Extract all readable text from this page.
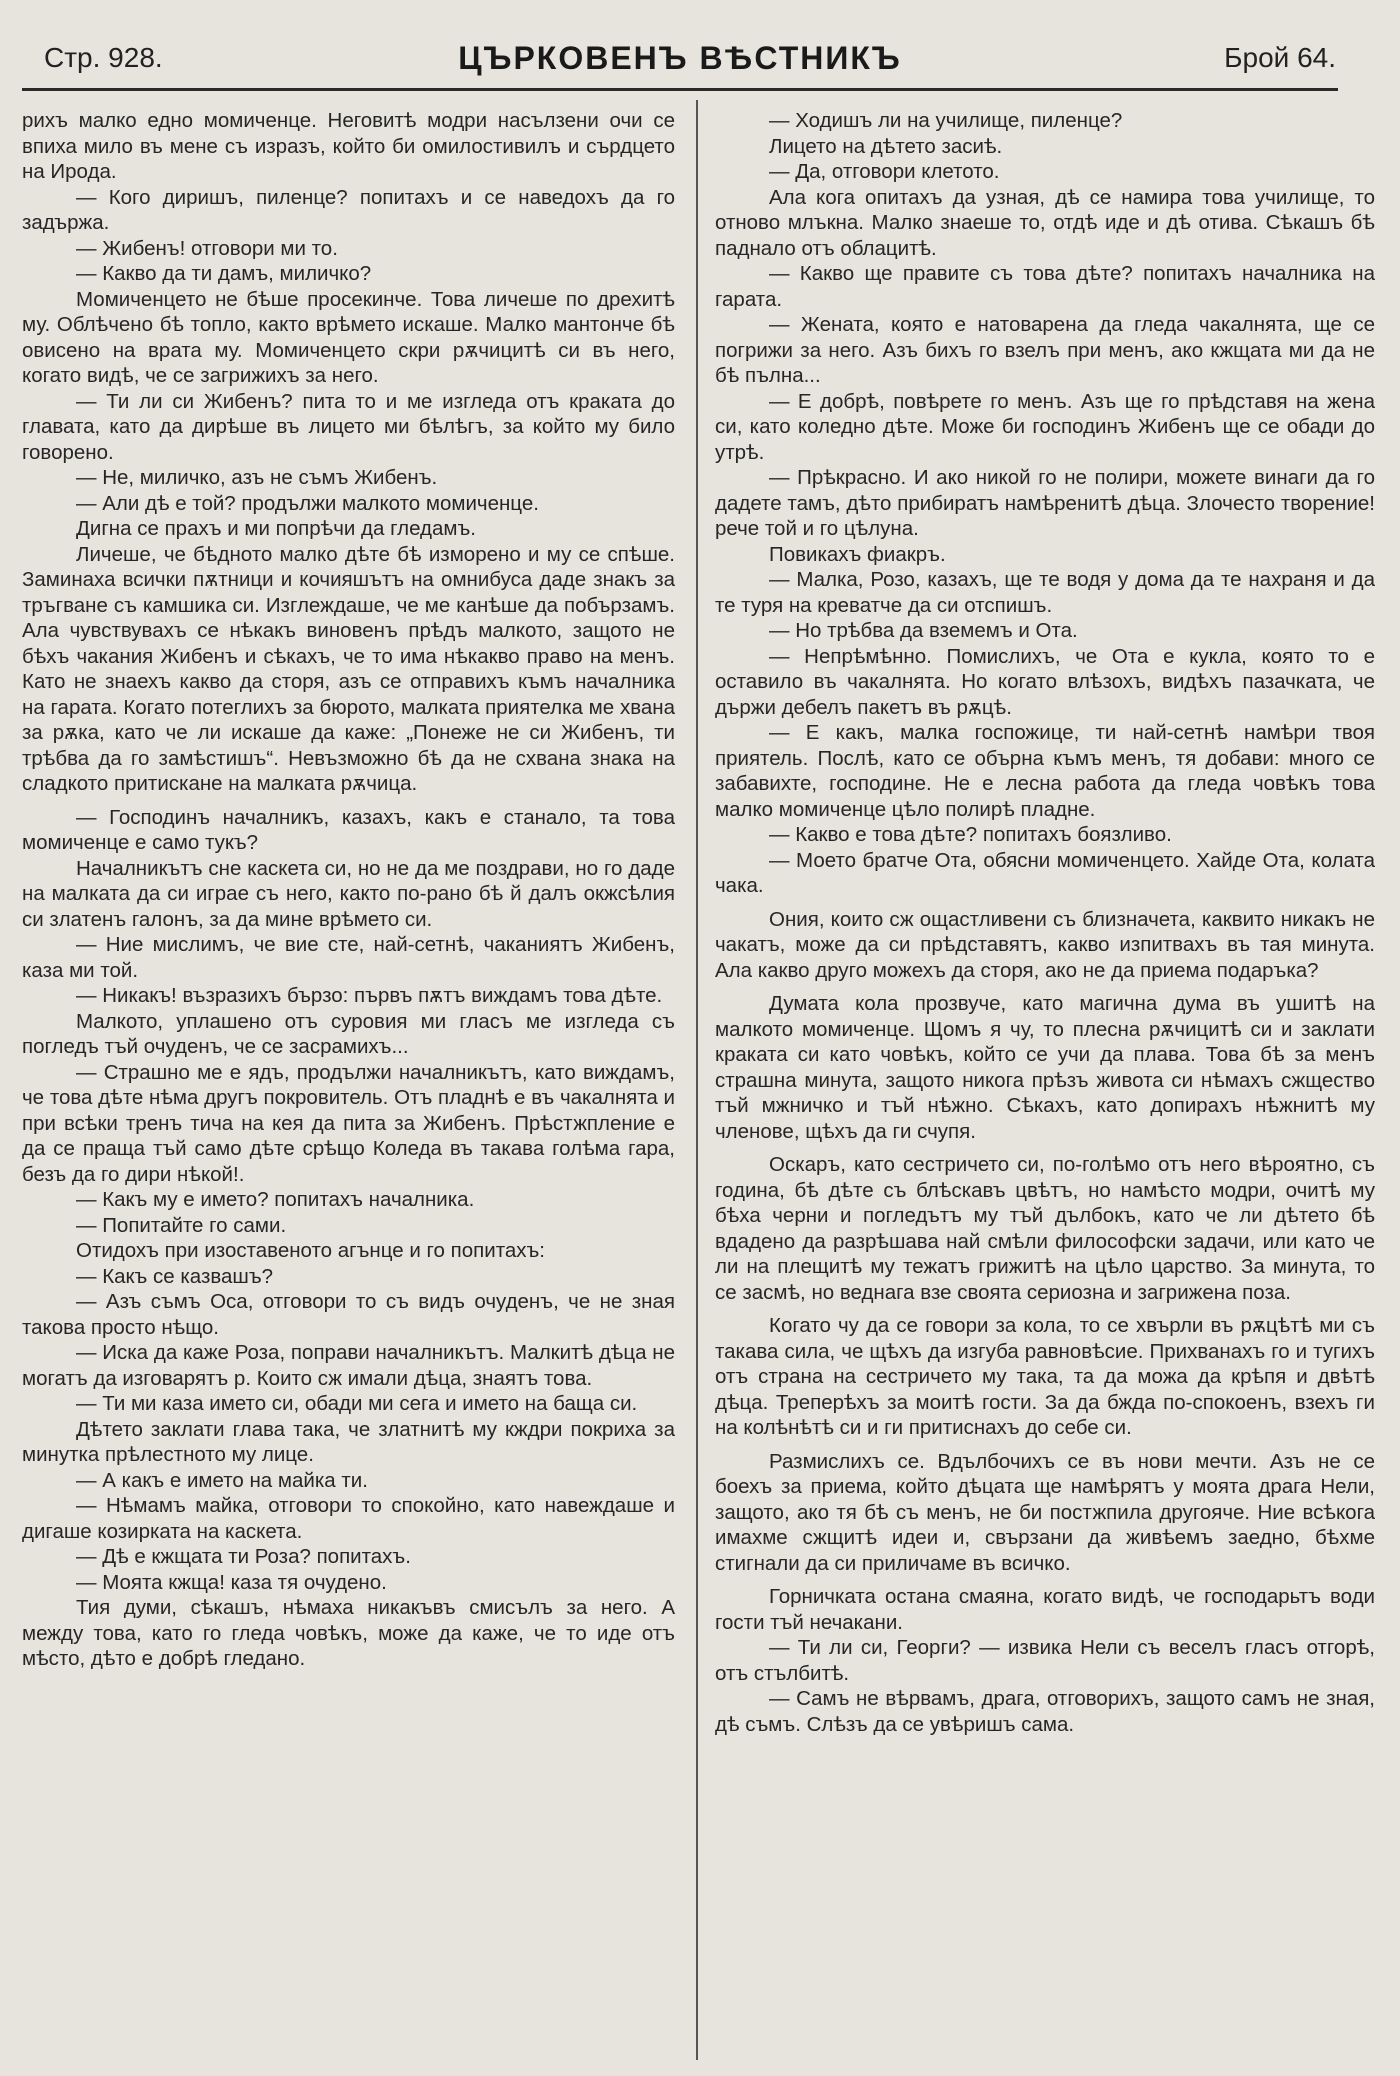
Стр. 928.	ЦЪРКОВЕНЪ ВѢСТНИКЪ	Брой 64.

рихъ малко едно момиченце. Неговитѣ модри насълзени очи се впиха мило въ мене съ изразъ, който би омилостивилъ и сърдцето на Ирода.

— Кого диришъ, пиленце? попитахъ и се наведохъ да го задържа.

— Жибенъ! отговори ми то.

— Какво да ти дамъ, миличко?

Момиченцето не бѣше просекинче. Това личеше по дрехитѣ му. Облѣчено бѣ топло, както врѣмето искаше. Малко мантонче бѣ овисено на врата му. Момиченцето скри рѫчицитѣ си въ него, когато видѣ, че се загрижихъ за него.

— Ти ли си Жибенъ? пита то и ме изгледа отъ краката до главата, като да дирѣше въ лицето ми бѣлѣгъ, за който му било говорено.

— Не, миличко, азъ не съмъ Жибенъ.

— Али дѣ е той? продължи малкото момиченце.

Дигна се прахъ и ми попрѣчи да гледамъ.

Личеше, че бѣдното малко дѣте бѣ изморено и му се спѣше. Заминаха всички пѫтници и кочияшътъ на омнибуса даде знакъ за тръгване съ камшика си. Изглеждаше, че ме канѣше да побързамъ. Ала чувствувахъ се нѣкакъ виновенъ прѣдъ малкото, защото не бѣхъ чакания Жибенъ и сѣкахъ, че то има нѣкакво право на менъ. Като не знаехъ какво да сторя, азъ се отправихъ къмъ началника на гарата. Когато потеглихъ за бюрото, малката приятелка ме хвана за рѫка, като че ли искаше да каже: „Понеже не си Жибенъ, ти трѣбва да го замѣстишъ“. Невъзможно бѣ да не схвана знака на сладкото притискане на малката рѫчица.

— Господинъ началникъ, казахъ, какъ е станало, та това момиченце е само тукъ?

Началникътъ сне каскета си, но не да ме поздрави, но го даде на малката да си играе съ него, както по-рано бѣ й далъ окжсѣлия си златенъ галонъ, за да мине врѣмето си.

— Ние мислимъ, че вие сте, най-сетнѣ, чаканиятъ Жибенъ, каза ми той.

— Никакъ! възразихъ бързо: първъ пѫтъ виждамъ това дѣте.

Малкото, уплашено отъ суровия ми гласъ ме изгледа съ погледъ тъй очуденъ, че се засрамихъ...

— Страшно ме е ядъ, продължи началникътъ, като виждамъ, че това дѣте нѣма другъ покровитель. Отъ пладнѣ е въ чакалнята и при всѣки тренъ тича на кея да пита за Жибенъ. Прѣстжпление е да се праща тъй само дѣте срѣщо Коледа въ такава голѣма гара, безъ да го дири нѣкой!.

— Какъ му е името? попитахъ началника.

— Попитайте го сами.

Отидохъ при изоставеното агънце и го попитахъ:

— Какъ се казвашъ?

— Азъ съмъ Оса, отговори то съ видъ очуденъ, че не зная такова просто нѣщо.

— Иска да каже Роза, поправи началникътъ. Малкитѣ дѣца не могатъ да изговарятъ р. Които сж имали дѣца, знаятъ това.

— Ти ми каза името си, обади ми сега и името на баща си.

Дѣтето заклати глава така, че златнитѣ му кждри покриха за минутка прѣлестното му лице.

— А какъ е името на майка ти.

— Нѣмамъ майка, отговори то спокойно, като навеждаше и дигаше козирката на каскета.

— Дѣ е кжщата ти Роза? попитахъ.

— Моята кжща! каза тя очудено.

Тия думи, сѣкашъ, нѣмаха никакъвъ смисълъ за него. А между това, като го гледа човѣкъ, може да каже, че то иде отъ мѣсто, дѣто е добрѣ гледано.

— Ходишъ ли на училище, пиленце?

Лицето на дѣтето засиѣ.

— Да, отговори клетото.

Ала кога опитахъ да узная, дѣ се намира това училище, то отново млъкна. Малко знаеше то, отдѣ иде и дѣ отива. Сѣкашъ бѣ паднало отъ облацитѣ.

— Какво ще правите съ това дѣте? попитахъ началника на гарата.

— Жената, която е натоварена да гледа чакалнята, ще се погрижи за него. Азъ бихъ го взелъ при менъ, ако кжщата ми да не бѣ пълна...

— Е добрѣ, повѣрете го менъ. Азъ ще го прѣдставя на жена си, като коледно дѣте. Може би господинъ Жибенъ ще се обади до утрѣ.

— Прѣкрасно. И ако никой го не полири, можете винаги да го дадете тамъ, дѣто прибиратъ намѣренитѣ дѣца. Злочесто творение! рече той и го цѣлуна.

Повикахъ фиакръ.

— Малка, Розо, казахъ, ще те водя у дома да те нахраня и да те туря на креватче да си отспишъ.

— Но трѣбва да вземемъ и Ота.

— Непрѣмѣнно. Помислихъ, че Ота е кукла, която то е оставило въ чакалнята. Но когато влѣзохъ, видѣхъ пазачката, че държи дебелъ пакетъ въ рѫцѣ.

— Е какъ, малка госпожице, ти най-сетнѣ намѣри твоя приятель. Послѣ, като се обърна къмъ менъ, тя добави: много се забавихте, господине. Не е лесна работа да гледа човѣкъ това малко момиченце цѣло полирѣ пладне.

— Какво е това дѣте? попитахъ боязливо.

— Моето братче Ота, обясни момиченцето. Хайде Ота, колата чака.

Ония, които сж ощастливени съ близначета, каквито никакъ не чакатъ, може да си прѣдставятъ, какво изпитвахъ въ тая минута. Ала какво друго можехъ да сторя, ако не да приема подаръка?

Думата кола прозвуче, като магична дума въ ушитѣ на малкото момиченце. Щомъ я чу, то плесна рѫчицитѣ си и заклати краката си като човѣкъ, който се учи да плава. Това бѣ за менъ страшна минута, защото никога прѣзъ живота си нѣмахъ сжщество тъй мжничко и тъй нѣжно. Сѣкахъ, като допирахъ нѣжнитѣ му членове, щѣхъ да ги счупя.

Оскаръ, като сестричето си, по-голѣмо отъ него вѣроятно, съ година, бѣ дѣте съ блѣскавъ цвѣтъ, но намѣсто модри, очитѣ му бѣха черни и погледътъ му тъй дълбокъ, като че ли дѣтето бѣ вдадено да разрѣшава най смѣли философски задачи, или като че ли на плещитѣ му тежатъ грижитѣ на цѣло царство. За минута, то се засмѣ, но веднага взе своята сериозна и загрижена поза.

Когато чу да се говори за кола, то се хвърли въ рѫцѣтѣ ми съ такава сила, че щѣхъ да изгуба равновѣсие. Прихванахъ го и тугихъ отъ страна на сестричето му така, та да можа да крѣпя и двѣтѣ дѣца. Треперѣхъ за моитѣ гости. За да бжда по-спокоенъ, взехъ ги на колѣнѣтѣ си и ги притиснахъ до себе си.

Размислихъ се. Вдълбочихъ се въ нови мечти. Азъ не се боехъ за приема, който дѣцата ще намѣрятъ у моята драга Нели, защото, ако тя бѣ съ менъ, не би постжпила другояче. Ние всѣкога имахме сжщитѣ идеи и, свързани да живѣемъ заедно, бѣхме стигнали да си приличаме въ всичко.

Горничката остана смаяна, когато видѣ, че господарьтъ води гости тъй нечакани.

— Ти ли си, Георги? — извика Нели съ веселъ гласъ отгорѣ, отъ стълбитѣ.

— Самъ не вѣрвамъ, драга, отговорихъ, защото самъ не зная, дѣ съмъ. Слѣзъ да се увѣришъ сама.
